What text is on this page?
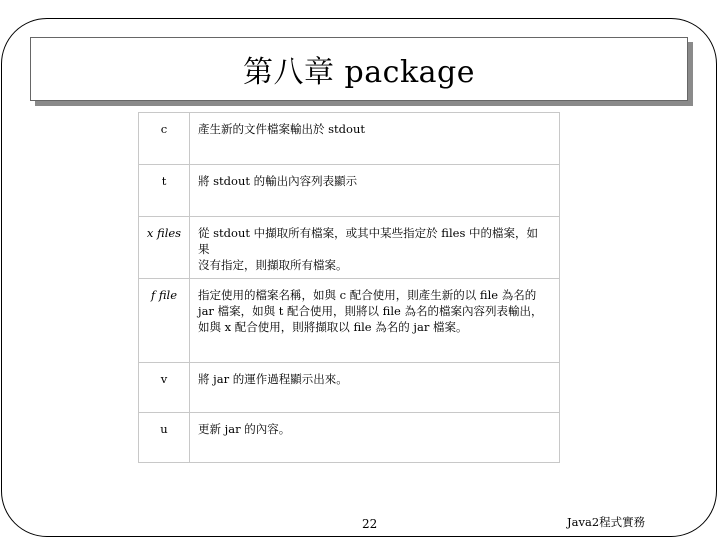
第八章 package
c	產生新的文件檔案輸出於 stdout

t	將 stdout 的輸出內容列表顯示

x files	從 stdout 中擷取所有檔案，或其中某些指定於 files 中的檔案，如果
沒有指定，則擷取所有檔案。

f file	指定使用的檔案名稱，如與 c 配合使用，則產生新的以 file 為名的
jar 檔案，如與 t 配合使用，則將以 file 為名的檔案內容列表輸出，
如與 x 配合使用，則將擷取以 file 為名的 jar 檔案。

v	將 jar 的運作過程顯示出來。

u	更新 jar 的內容。
22	Java2程式實務
